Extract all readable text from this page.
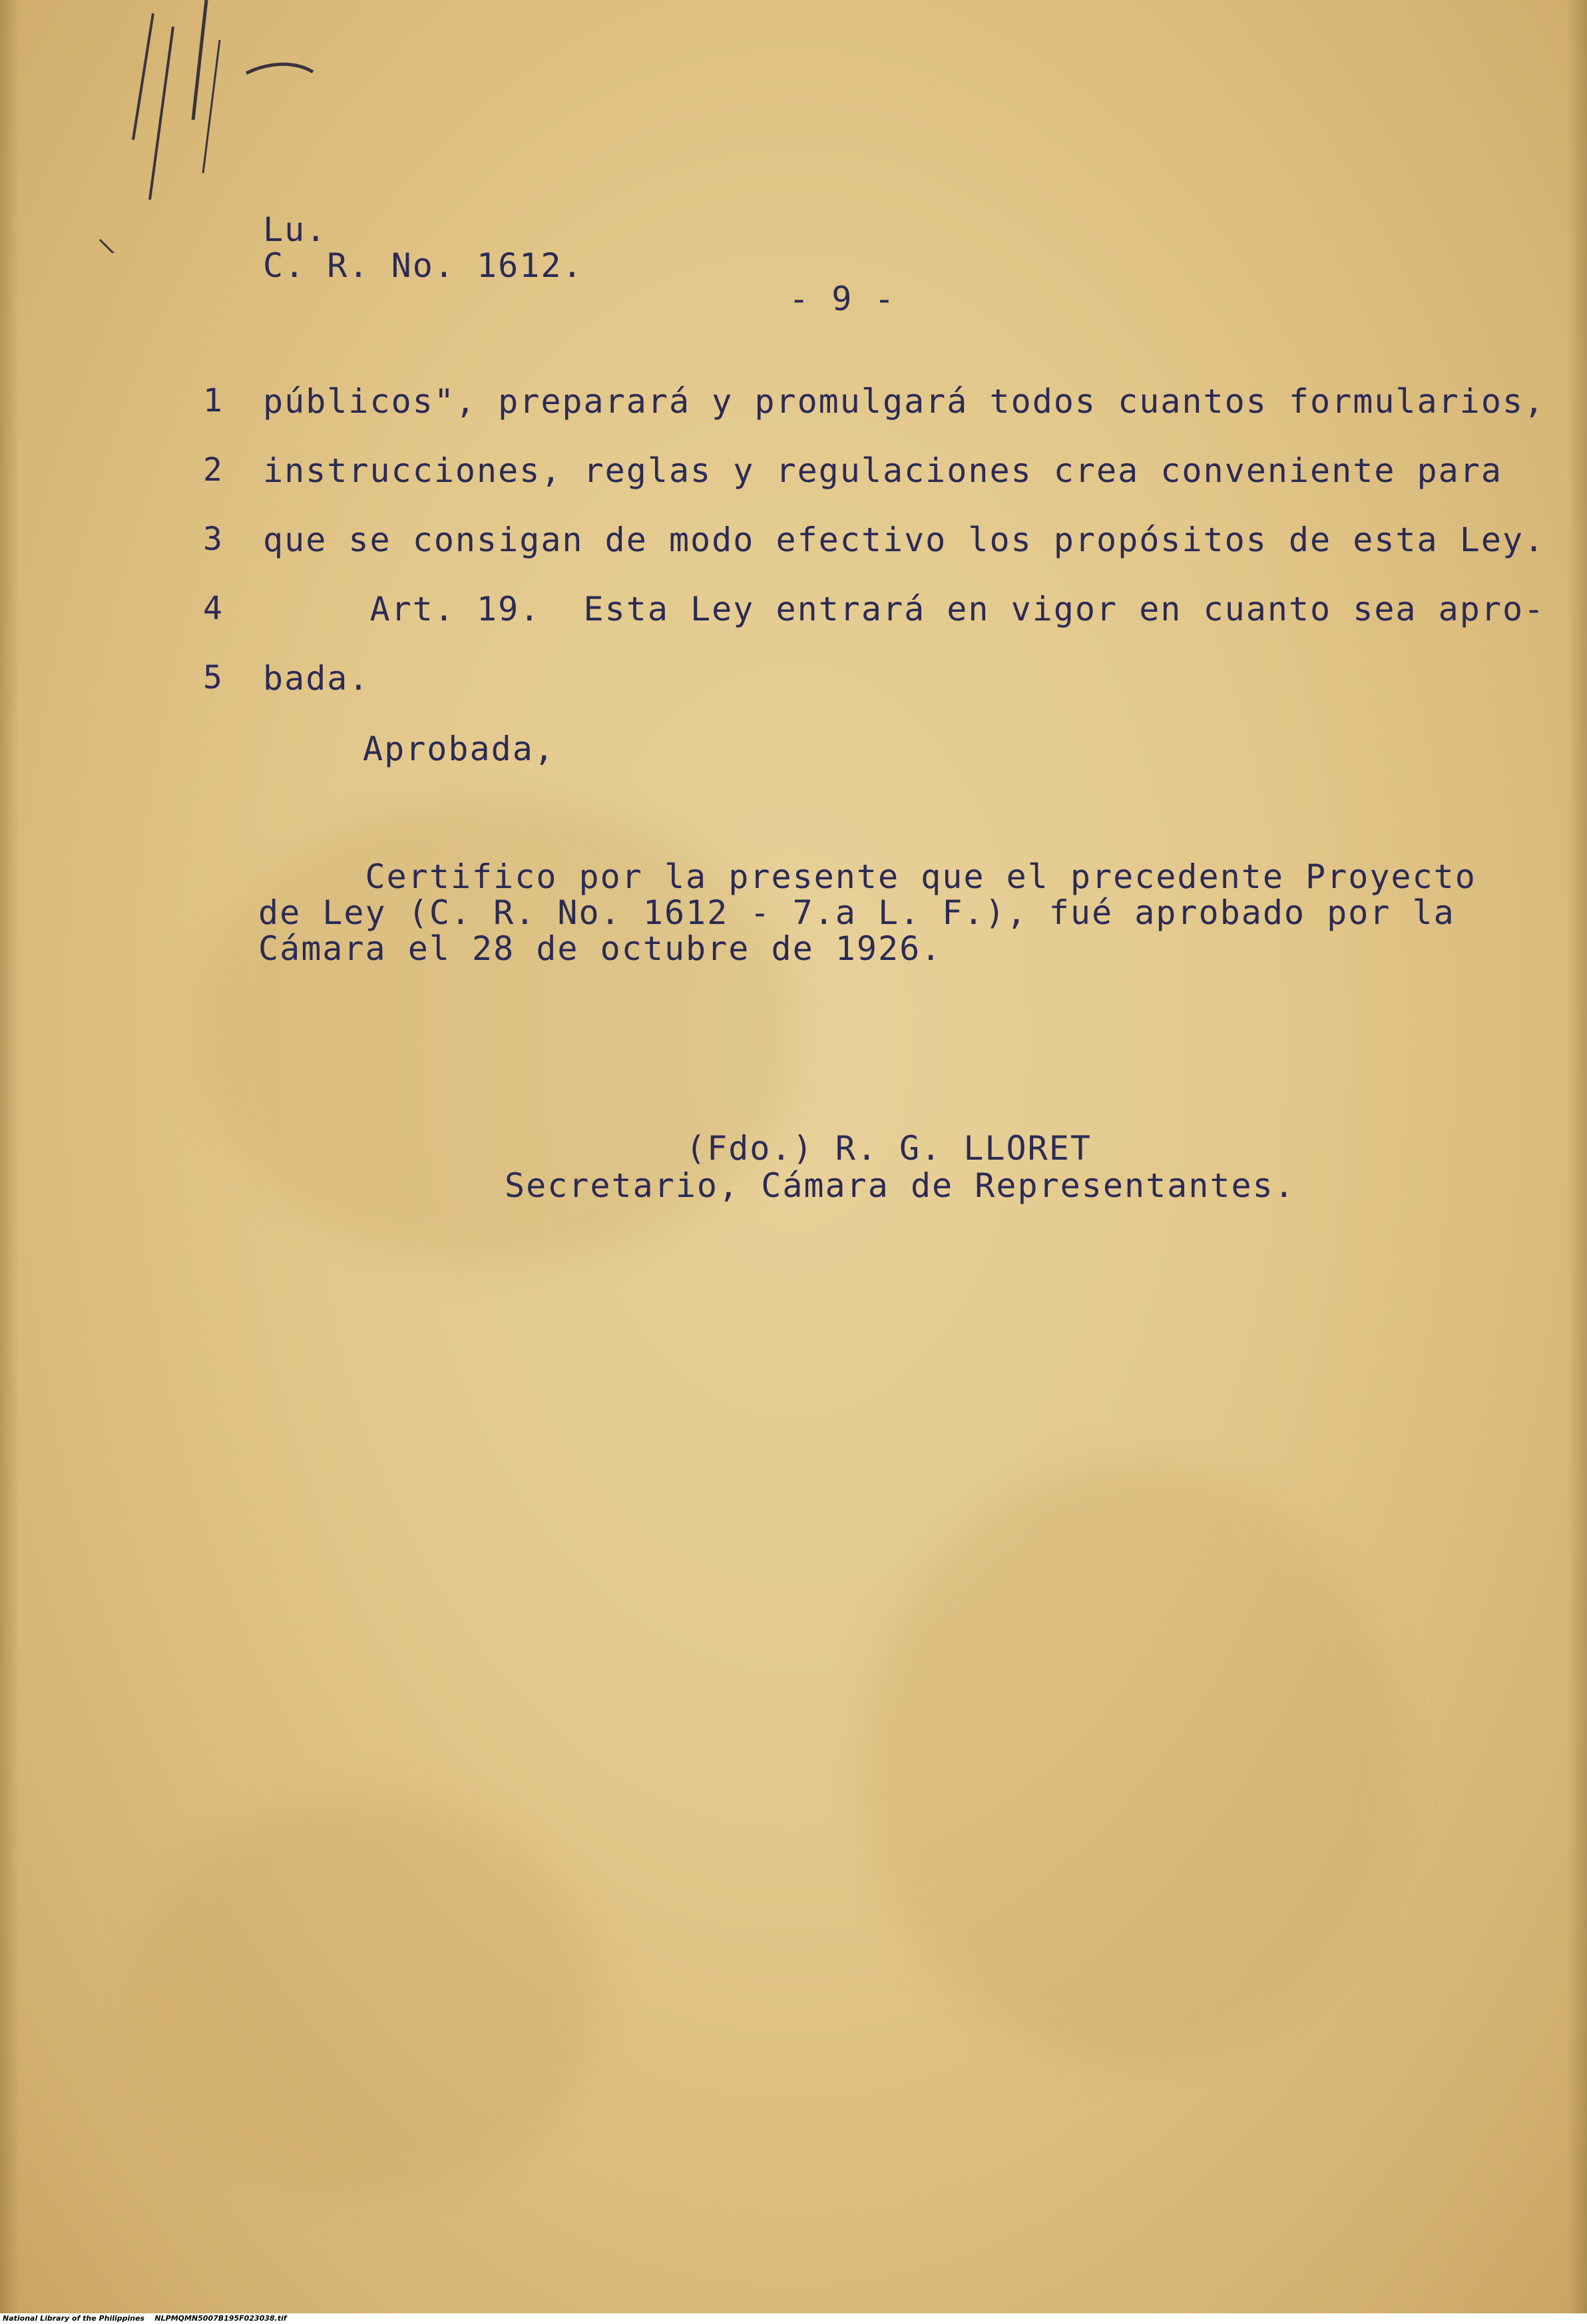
Lu.
C. R. No. 1612.
- 9 -
1 públicos", preparará y promulgará todos cuantos formularios,
2 instrucciones, reglas y regulaciones crea conveniente para
3 que se consigan de modo efectivo los propósitos de esta Ley.
4 Art. 19.  Esta Ley entrará en vigor en cuanto sea apro-
5 bada.
Aprobada,
Certifico por la presente que el precedente Proyecto
de Ley (C. R. No. 1612 - 7.a L. F.), fué aprobado por la
Cámara el 28 de octubre de 1926.
(Fdo.) R. G. LLORET
Secretario, Cámara de Representantes.
National Library of the Philippines    NLPMQMN5007B195F023038.tif
